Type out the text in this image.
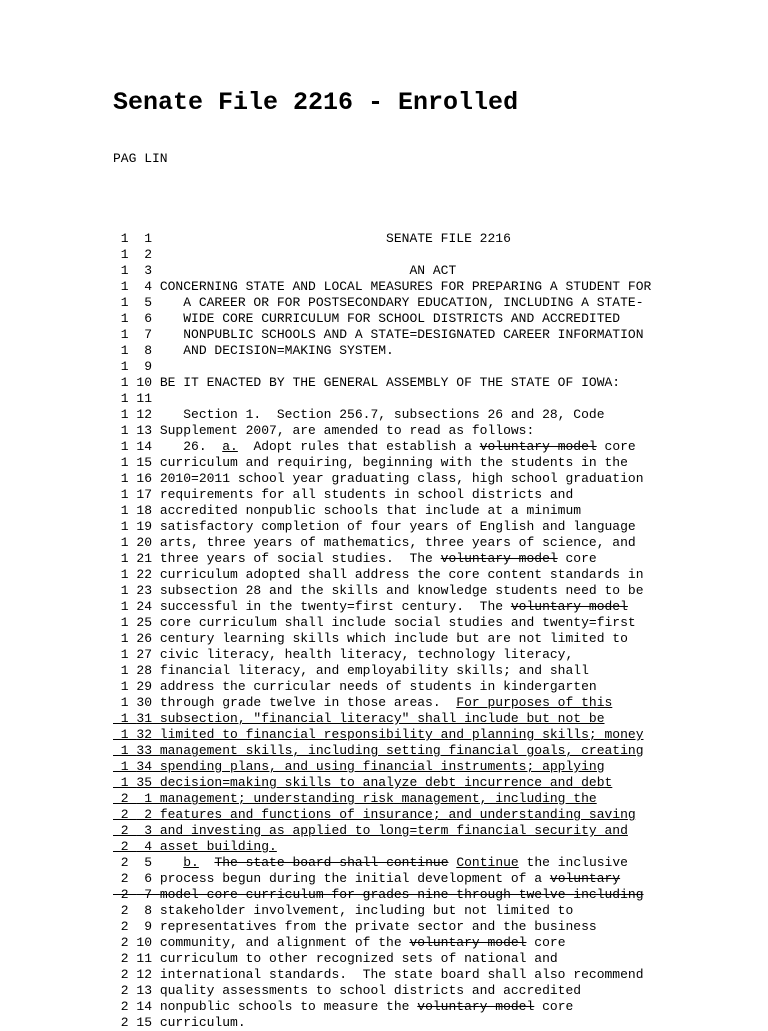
Senate File 2216 - Enrolled
PAG LIN
1  1                              SENATE FILE 2216
1  2
1  3                                 AN ACT
1  4 CONCERNING STATE AND LOCAL MEASURES FOR PREPARING A STUDENT FOR
1  5    A CAREER OR FOR POSTSECONDARY EDUCATION, INCLUDING A STATE-
1  6    WIDE CORE CURRICULUM FOR SCHOOL DISTRICTS AND ACCREDITED
1  7    NONPUBLIC SCHOOLS AND A STATE=DESIGNATED CAREER INFORMATION
1  8    AND DECISION=MAKING SYSTEM.
1  9
1 10 BE IT ENACTED BY THE GENERAL ASSEMBLY OF THE STATE OF IOWA:
1 11
1 12    Section 1.  Section 256.7, subsections 26 and 28, Code
1 13 Supplement 2007, are amended to read as follows:
1 14    26.  a.  Adopt rules that establish a voluntary model core
1 15 curriculum and requiring, beginning with the students in the
1 16 2010=2011 school year graduating class, high school graduation
1 17 requirements for all students in school districts and
1 18 accredited nonpublic schools that include at a minimum
1 19 satisfactory completion of four years of English and language
1 20 arts, three years of mathematics, three years of science, and
1 21 three years of social studies.  The voluntary model core
1 22 curriculum adopted shall address the core content standards in
1 23 subsection 28 and the skills and knowledge students need to be
1 24 successful in the twenty=first century.  The voluntary model
1 25 core curriculum shall include social studies and twenty=first
1 26 century learning skills which include but are not limited to
1 27 civic literacy, health literacy, technology literacy,
1 28 financial literacy, and employability skills; and shall
1 29 address the curricular needs of students in kindergarten
1 30 through grade twelve in those areas.  For purposes of this
1 31 subsection, "financial literacy" shall include but not be
1 32 limited to financial responsibility and planning skills; money
1 33 management skills, including setting financial goals, creating
1 34 spending plans, and using financial instruments; applying
1 35 decision=making skills to analyze debt incurrence and debt
2  1 management; understanding risk management, including the
2  2 features and functions of insurance; and understanding saving
2  3 and investing as applied to long=term financial security and
2  4 asset building.
2  5 b. The state board shall continue Continue the inclusive
2  6 process begun during the initial development of a voluntary
2  7 model core curriculum for grades nine through twelve including
2  8 stakeholder involvement, including but not limited to
2  9 representatives from the private sector and the business
2 10 community, and alignment of the voluntary model core
2 11 curriculum to other recognized sets of national and
2 12 international standards.  The state board shall also recommend
2 13 quality assessments to school districts and accredited
2 14 nonpublic schools to measure the voluntary model core
2 15 curriculum.
